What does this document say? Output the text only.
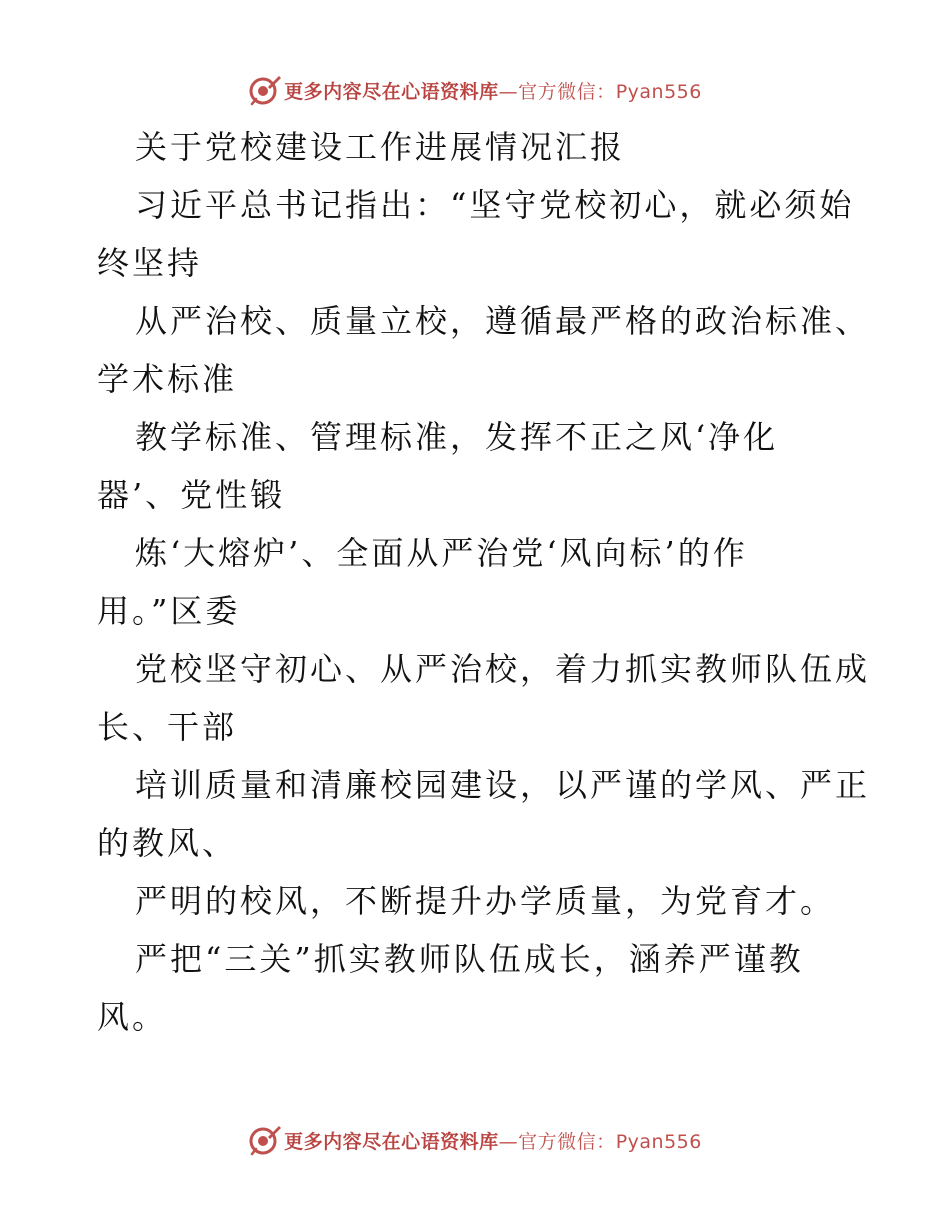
更多内容尽在心语资料库—官方微信：Pyan556
关于党校建设工作进展情况汇报
习近平总书记指出：“坚守党校初心，就必须始
终坚持
从严治校、质量立校，遵循最严格的政治标准、
学术标准
教学标准、管理标准，发挥不正之风‘净化
器’、党性锻
炼‘大熔炉’、全面从严治党‘风向标’的作
用。”区委
党校坚守初心、从严治校，着力抓实教师队伍成
长、干部
培训质量和清廉校园建设，以严谨的学风、严正
的教风、
严明的校风，不断提升办学质量，为党育才。
严把“三关”抓实教师队伍成长，涵养严谨教
风。
更多内容尽在心语资料库—官方微信：Pyan556
